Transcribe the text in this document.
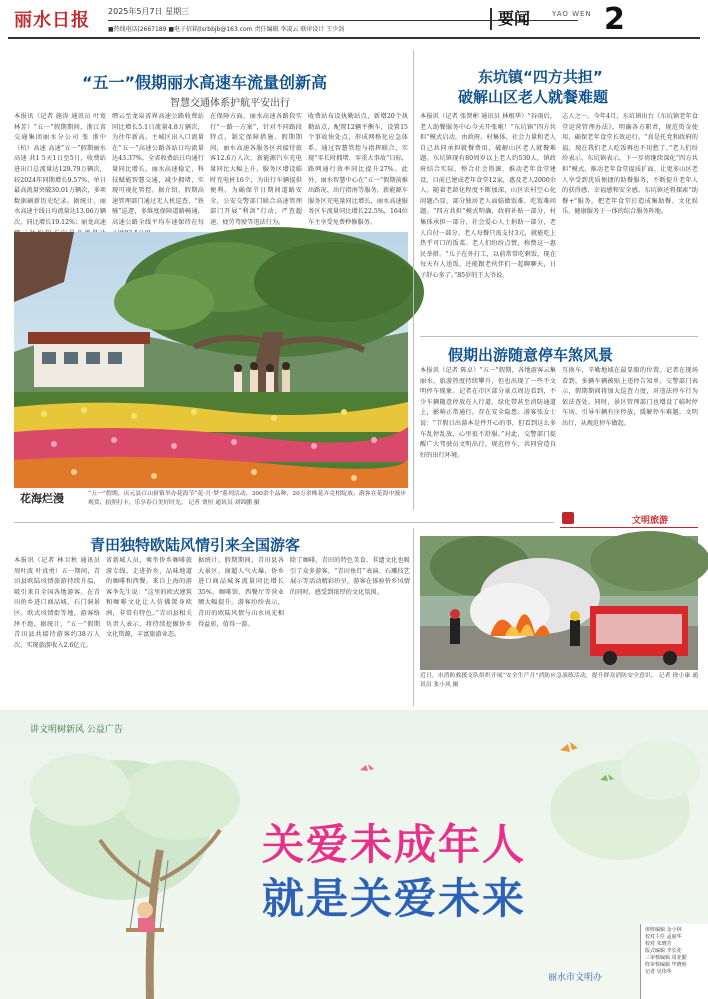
丽水日报 2025年5月7日 星期三
■热线电话|2667189 ■电子信箱|lsrbbjb@163.com 责任编辑 李凌云 联审设计 王少剑
要闻	YAO WEN 2
“五一”假期丽水高速车流量创新高
智慧交通体系护航平安出行
本报讯（记者 施涛 通讯员 叶宽 林芳）“五一”假期期间，浙江省交通集团丽水分公司 张 浙中 （杭）高速 高速“五一”假期丽水高速 共1 5天1日至5日，收费站进出口总流量达129.79万辆次，较2024年同期增长9.57%，单日最高流量突破30.01万辆次，多项数据刷新历史纪录。据统计，丽水高速主线日均流量达13.06万辆次，同比增长19.12%；丽龙高速
缙云至龙泉省界高速公路收费站同比增长5.1日流量4.8万辆次，为往年新高。主城区出入口流量在“五一”高速公路各站日均流量达43.37%。全省收费站日均通行量同比增长。丽水高速稳定，科技赋能智慧交通，减少拥堵，实现可视化管控。据介绍，假期高速管理部门通过无人机巡查、“铁骑”巡逻，多维度保障道路畅通，高速公路全线平均车速保持在每
在保障方面，丽水高速各路段实行“一路一方案”，针对不同路段特点，制定保障措施。假期期间，丽水高速各服务区共接待旅客12.6万人次，新能源汽车充电量同比大幅上升，服务区增设临时充电桩16个，为出行车辆提供便利。为确保节日期间道路安全，公安交警部门联合高速管理部门开展“利剑”行动，严查超速、疲劳驾驶等违法行为。
收费站布设执勤站点，新增20个执勤站点，配置12辆平衡车，设置15个事故快处点，形成网格化应急体系。通过智慧管控与指挥联合，实现“零长时拥堵、零重大事故”目标，路网通行效率同比提升27%。此外，丽水智慧中心在“五一”假期前推出路况、出行指南等服务，新能源车服务区充电量同比增长，丽水高速服务区车流量同比增长22.5%，164位车主享受免费秒修服务。
花海烂漫	“五一”假期，庆元县百山祖镇举办花海节“花·月·梦”系列活动，300余个品种、20万余株花卉竞相绽放。游客在花海中漫步观赏、拍照打卡，乐享春日美好时光。 记者 贾恒 通讯员 刘锦鹏 摄
东坑镇“四方共担”
破解山区老人就餐难题
本报讯（记者 张贤彬 通讯员 林根华）“谷雨后，老人助餐服务中心今天开张啦！”东坑镇“四方共担”模式启动，由政府、村集体、社会力量和老人自己共同承担就餐费用，破解山区老人就餐难题。东坑镇现有80周岁以上老人约530人，镇政府结合实际，整合社会资源，推动老年食堂建设，目前已建成老年食堂12家，惠及老人2000余人。随着老龄化程度不断加深，山区农村空心化问题凸显，部分独居老人面临做饭难、吃饭难问题。“四方共担”模式明确，政府补贴一部分，村集体承担一部分，社会爱心人士捐助一部分，老人自付一部分。老人每餐只需支付3元，就能吃上热乎可口的饭菜。老人们纷纷点赞，称赞这一惠民举措。“儿子在外打工，以前常常吃剩饭，现在每天有人送饭，还能跟老伙伴们一起聊聊天，日子舒心多了。”85岁的王大爷说。
志人之一。今年4月，东坑镇出台《东坑镇老年食堂运营管理办法》，明确各方职责，规范资金使用，确保老年食堂长效运行。“真是托党和政府的福，现在我们老人吃饭再也不用愁了。”老人们纷纷表示。东坑镇表示，下一步将继续深化“四方共担”模式，推动老年食堂提质扩面，让更多山区老人享受到优质便捷的助餐服务，不断提升老年人的获得感、幸福感和安全感。东坑镇还将探索“助餐+”服务，把老年食堂打造成集助餐、文化娱乐、健康服务于一体的综合服务阵地。
假期出游随意停车煞风景
本报讯（记者 陈卓）“五一”假期，各地游客云集丽水，旅游热度持续攀升，但也出现了一些不文明停车现象。记者在市区部分景点周边看到，不少车辆随意停放在人行道、绿化带甚至消防通道上，影响正常通行，存在安全隐患。游客张女士说：“节假日出游本是件开心的事，但看到这么多车乱停乱放，心里很不舒服。”对此，交警部门提醒广大驾驶员文明出行，规范停车，共同营造良好的出行环境。
互换车，辛勤地域在最显眼的位置。记者在现场看到，多辆车辆被贴上违停告知单。交警部门表示，假期期间将加大巡查力度，对违法停车行为依法查处。同时，景区管理部门也增设了临时停车场，引导车辆有序停放，缓解停车难题。文明出行，从规范停车做起。
文明旅游
青田独特欧陆风情引来全国游客
本报讯（记者 林卫秋 通讯员 周叶波 叶真勇）五一期间，青田县欧陆风情旅游持续升温，吸引来自全国各地游客。在青田侨乡进口商品城、石门洞景区、欧式风情街等地，游客络绎不绝。据统计，“五一”假期青田县共接待游客约38万人次，实现旅游收入2.6亿元。
省新城人员，乘坐侨乡咖啡旅游专线，走进侨乡，品味地道的咖啡和西餐。来自上海的游客李先生说：“这里的欧式建筑和咖啡文化让人仿佛置身欧洲，非常有特色。”青田县相关负责人表示，将持续挖掘侨乡文化资源，丰富旅游业态。
据统计，假期期间，青田县各大景区、商超人气火爆，侨乡进口商品城客流量同比增长35%，咖啡馆、西餐厅等营业额大幅提升。游客纷纷表示，青田的欧陆风情与山水风光相得益彰，值得一游。
除了咖啡，青田的特色美食、非遗文化也吸引了众多游客。“青田鱼灯”表演、石雕技艺展示等活动精彩纷呈。游客在体验侨乡风情的同时，感受到浓厚的文化氛围。
近日，市消防救援支队组织开展“安全生产月”消防应急演练活动，提升群众消防安全意识。 记者 徐小康 通讯员 张小凤 摄
讲文明树新风 公益广告
关爱未成年人
就是关爱未来
丽水市文明办
值班编辑 金小林
校对主任 孟丽华
校对 朱晓芳
版式编辑 李长花
三审核编辑 周亚勤
终审核编辑 毕晓明
记者 吴伟华
